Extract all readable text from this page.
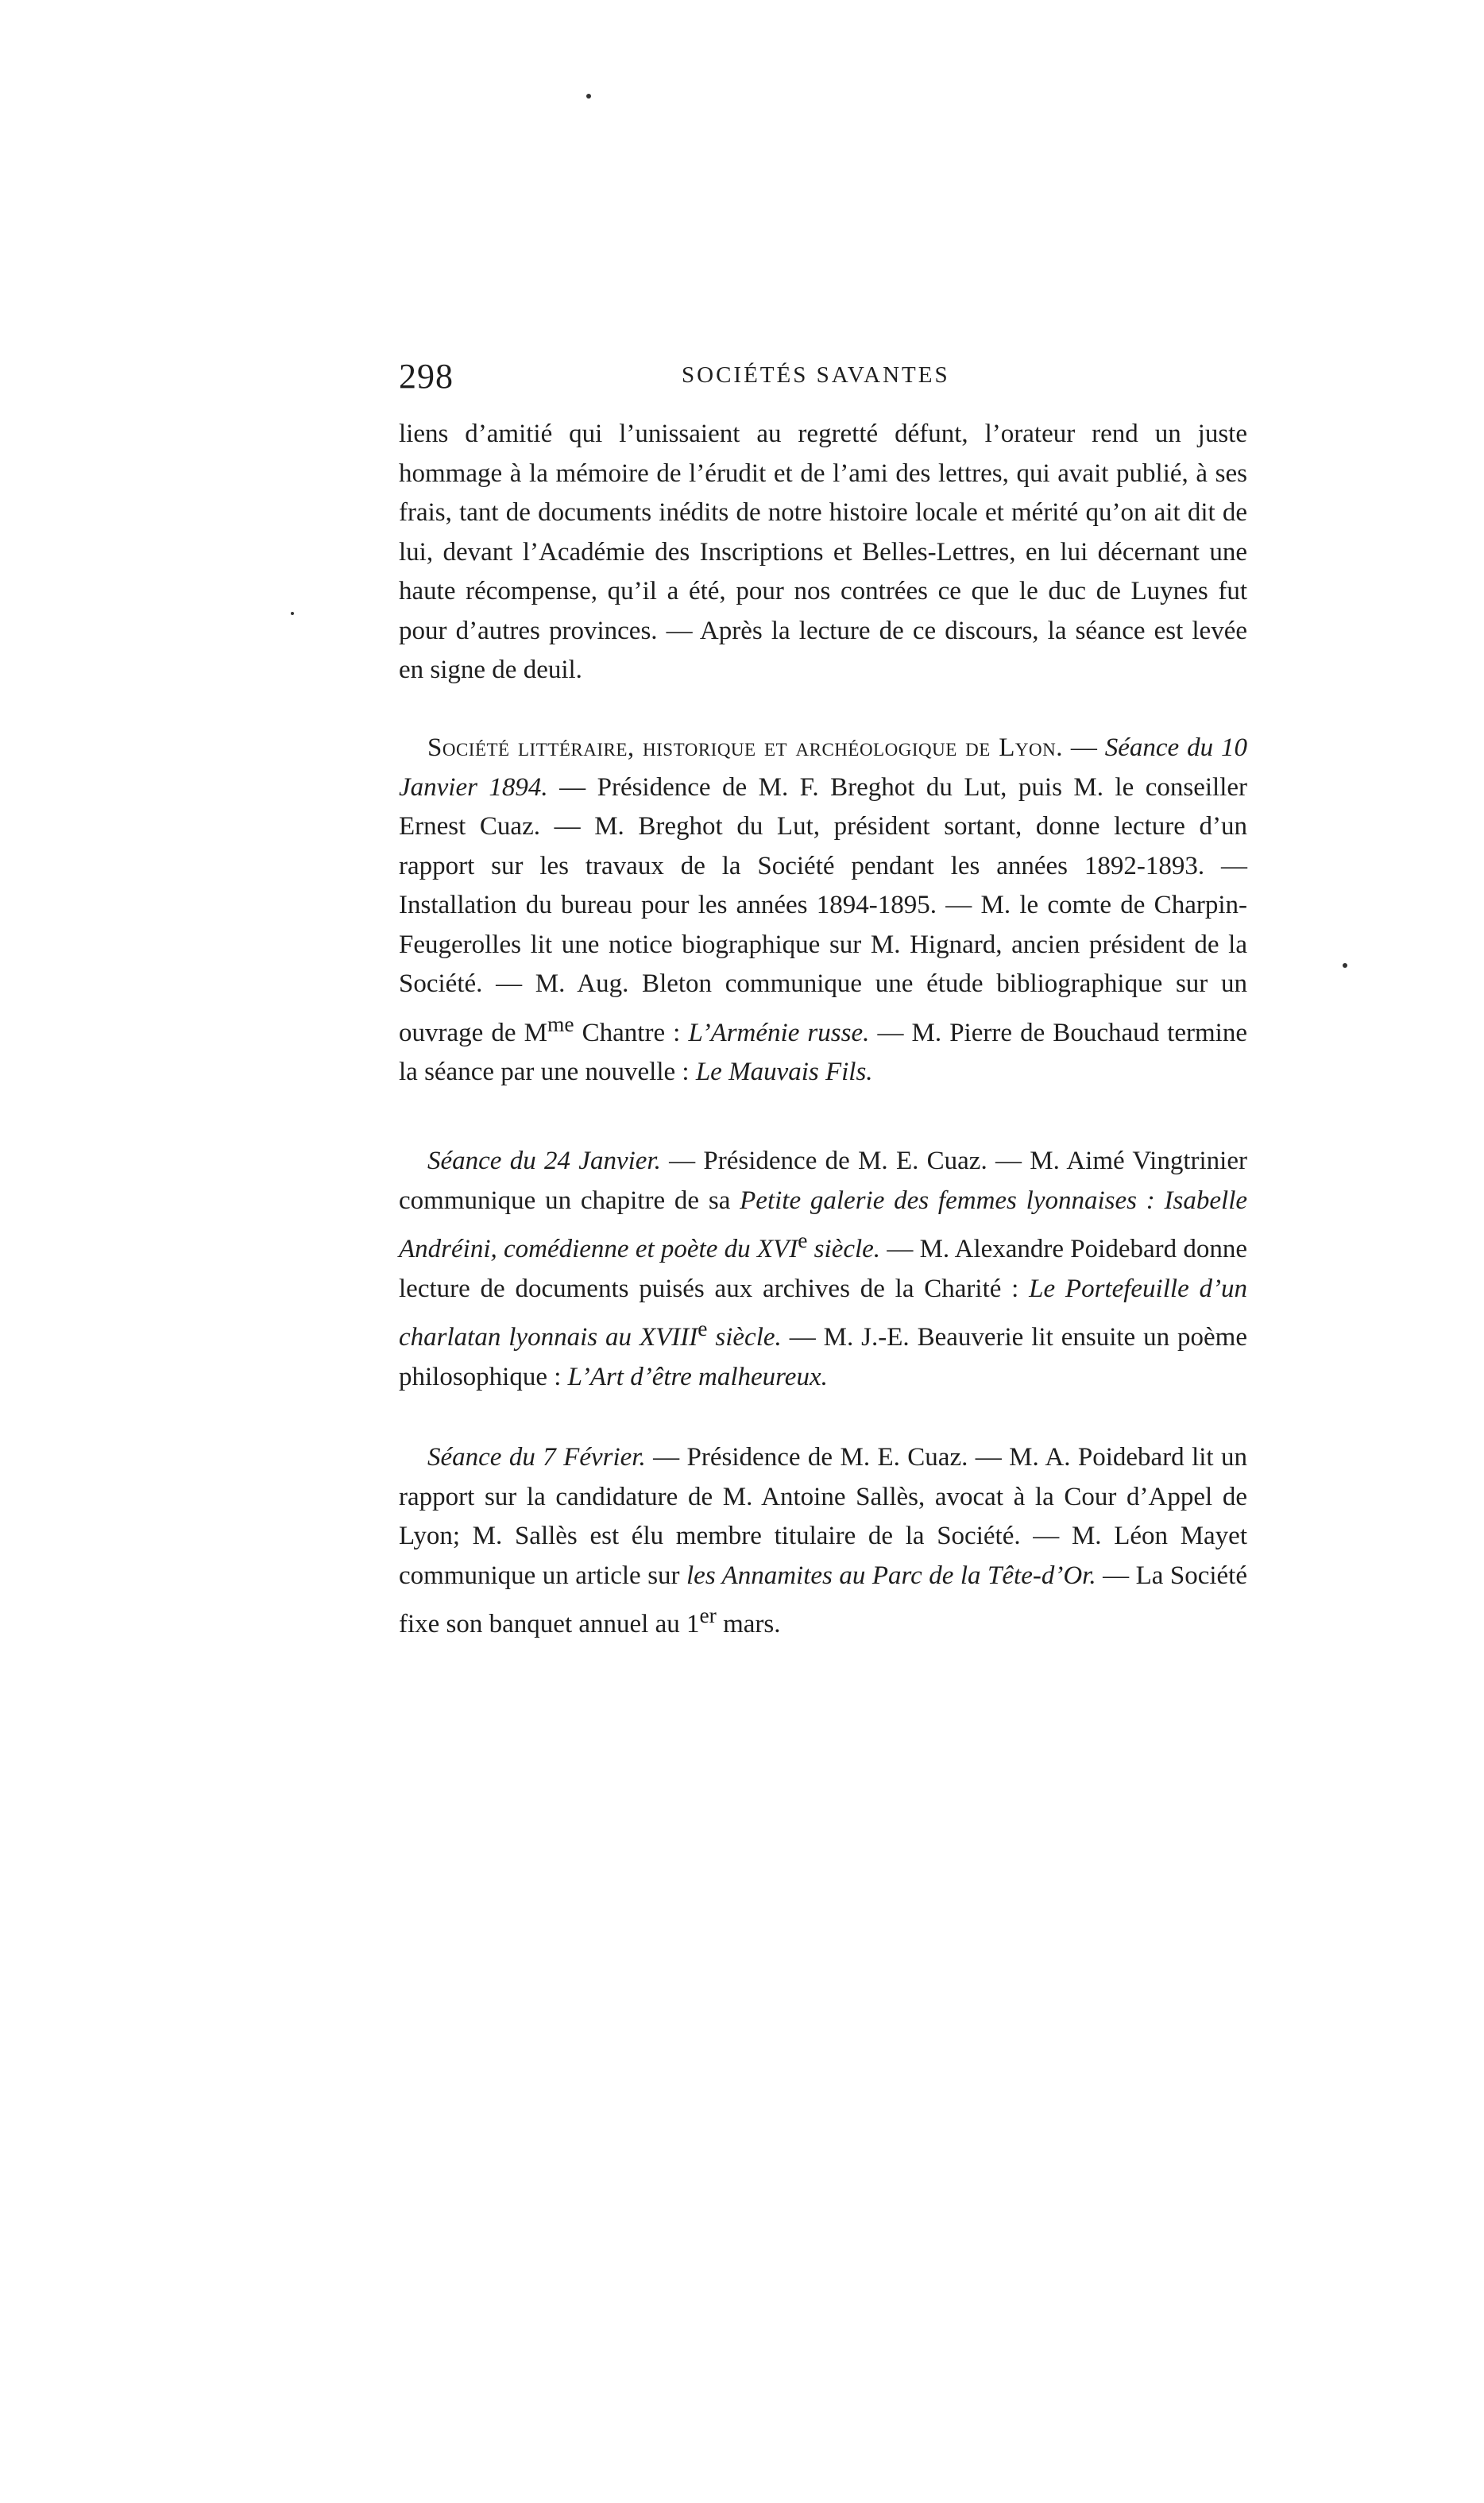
298	SOCIÉTÉS SAVANTES

liens d’amitié qui l’unissaient au regretté défunt, l’orateur rend un juste hommage à la mémoire de l’érudit et de l’ami des lettres, qui avait publié, à ses frais, tant de documents inédits de notre histoire locale et mérité qu’on ait dit de lui, devant l’Académie des Inscriptions et Belles-Lettres, en lui décernant une haute récompense, qu’il a été, pour nos contrées ce que le duc de Luynes fut pour d’autres provinces. — Après la lecture de ce discours, la séance est levée en signe de deuil.

Société littéraire, historique et archéologique de Lyon. — Séance du 10 Janvier 1894. — Présidence de M. F. Breghot du Lut, puis M. le conseiller Ernest Cuaz. — M. Breghot du Lut, président sortant, donne lecture d’un rapport sur les travaux de la Société pendant les années 1892-1893. — Installation du bureau pour les années 1894-1895. — M. le comte de Charpin-Feugerolles lit une notice biographique sur M. Hignard, ancien président de la Société. — M. Aug. Bleton communique une étude bibliographique sur un ouvrage de $M^{me}$ Chantre : L’Arménie russe. — M. Pierre de Bouchaud termine la séance par une nouvelle : Le Mauvais Fils.

Séance du 24 Janvier. — Présidence de M. E. Cuaz. — M. Aimé Vingtrinier communique un chapitre de sa Petite galerie des femmes lyonnaises : Isabelle Andréini, comédienne et poète du XVIe siècle. — M. Alexandre Poidebard donne lecture de documents puisés aux archives de la Charité : Le Portefeuille d’un charlatan lyonnais au XVIIIe siècle. — M. J.-E. Beauverie lit ensuite un poème philosophique : L’Art d’être malheureux.

Séance du 7 Février. — Présidence de M. E. Cuaz. — M. A. Poidebard lit un rapport sur la candidature de M. Antoine Sallès, avocat à la Cour d’Appel de Lyon; M. Sallès est élu membre titulaire de la Société. — M. Léon Mayet communique un article sur les Annamites au Parc de la Tête-d’Or. — La Société fixe son banquet annuel au 1er mars.
